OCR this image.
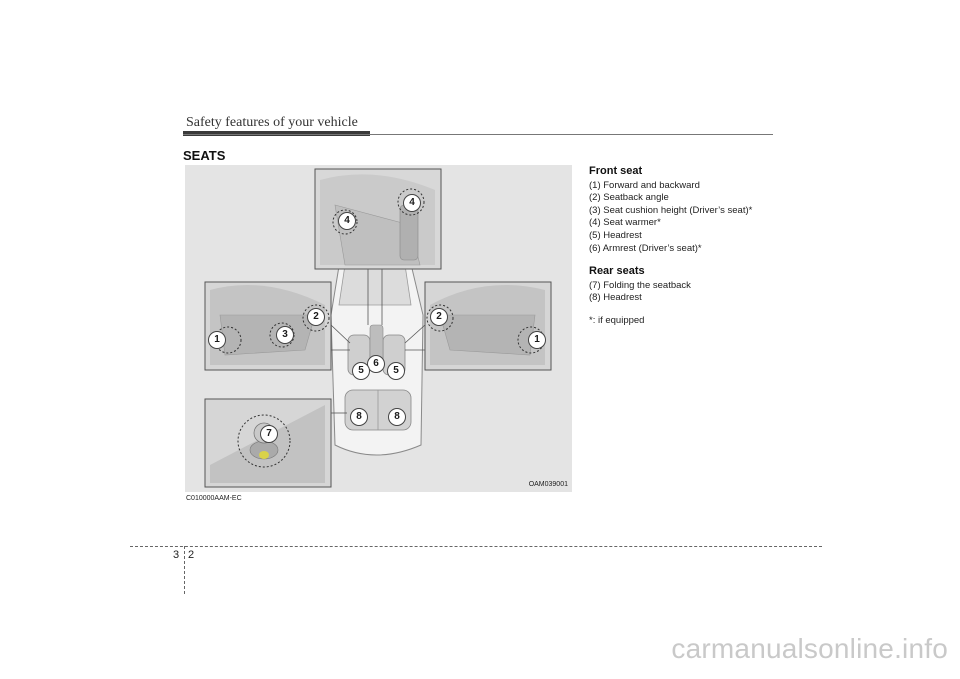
Safety features of your vehicle
SEATS
4
4
1
2
3
2
1
6
5	5
8	8
7
OAM039001
C010000AAM-EC
Front seat
(1) Forward and backward
(2) Seatback angle
(3) Seat cushion height (Driver’s seat)*
(4) Seat warmer*
(5) Headrest
(6) Armrest (Driver’s seat)*
Rear seats
(7) Folding the seatback
(8) Headrest
*: if equipped
3 2
carmanualsonline.info
